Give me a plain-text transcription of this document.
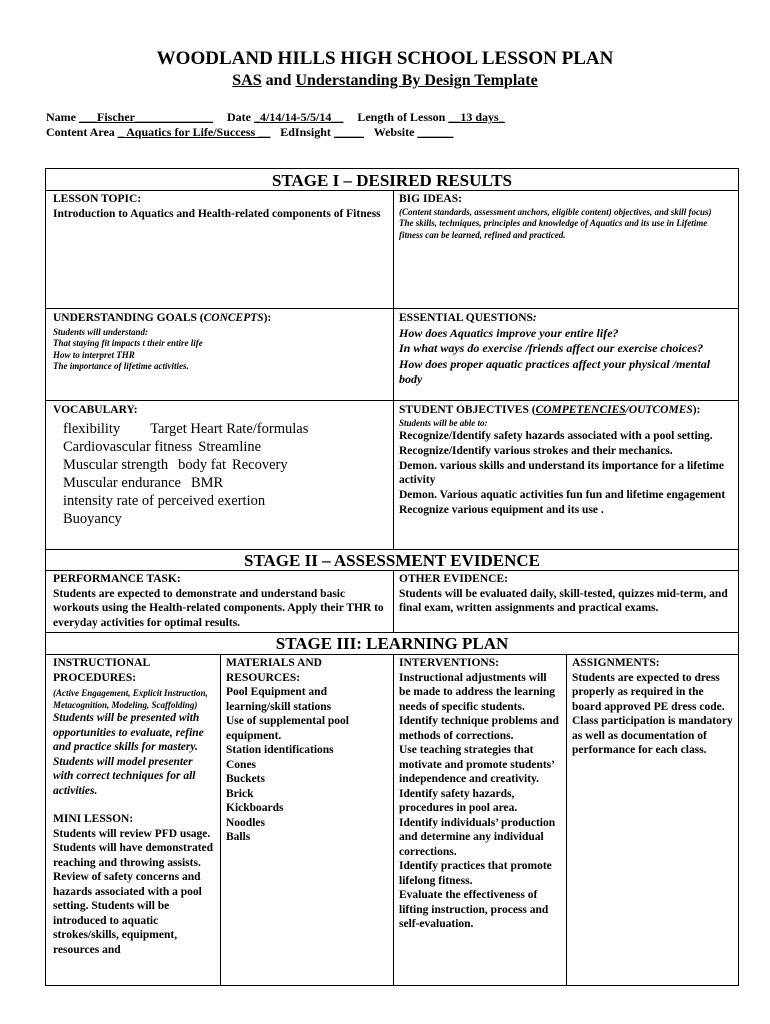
WOODLAND HILLS HIGH SCHOOL LESSON PLAN
SAS and Understanding By Design Template
Name ___Fischer_____________ Date _4/14/14-5/5/14__ Length of Lesson __13 days_
Content Area _ Aquatics for Life/Success __ EdInsight _____ Website ______
STAGE I – DESIRED RESULTS
LESSON TOPIC:
Introduction to Aquatics and Health-related components of Fitness
BIG IDEAS:
(Content standards, assessment anchors, eligible content) objectives, and skill focus)
The skills, techniques, principles and knowledge of Aquatics and its use in Lifetime fitness can be learned, refined and practiced.
UNDERSTANDING GOALS (CONCEPTS):
Students will understand:
That staying fit impacts t their entire life
How to interpret THR
The importance of lifetime activities.
ESSENTIAL QUESTIONS:
How does Aquatics improve your entire life?
In what ways do exercise /friends affect our exercise choices?
How does proper aquatic practices affect your physical /mental body
VOCABULARY:
flexibility Target Heart Rate/formulas
Cardiovascular fitness Streamline
Muscular strength body fat Recovery
Muscular endurance BMR
intensity rate of perceived exertion
Buoyancy
STUDENT OBJECTIVES (COMPETENCIES/OUTCOMES):
Students will be able to:
Recognize/Identify safety hazards associated with a pool setting.
Recognize/Identify various strokes and their mechanics.
Demon. various skills and understand its importance for a lifetime activity
Demon. Various aquatic activities fun fun and lifetime engagement
Recognize various equipment and its use .
STAGE II – ASSESSMENT EVIDENCE
PERFORMANCE TASK:
Students are expected to demonstrate and understand basic workouts using the Health-related components. Apply their THR to everyday activities for optimal results.
OTHER EVIDENCE:
Students will be evaluated daily, skill-tested, quizzes mid-term, and final exam, written assignments and practical exams.
STAGE III: LEARNING PLAN
INSTRUCTIONAL PROCEDURES:
(Active Engagement, Explicit Instruction, Metacognition, Modeling, Scaffolding)
Students will be presented with opportunities to evaluate, refine and practice skills for mastery.
Students will model presenter with correct techniques for all activities.
MINI LESSON:
Students will review PFD usage. Students will have demonstrated reaching and throwing assists. Review of safety concerns and hazards associated with a pool setting. Students will be introduced to aquatic strokes/skills, equipment, resources and
MATERIALS AND RESOURCES:
Pool Equipment and learning/skill stations
Use of supplemental pool equipment.
Station identifications
Cones
Buckets
Brick
Kickboards
Noodles
Balls
INTERVENTIONS:
Instructional adjustments will be made to address the learning needs of specific students.
Identify technique problems and methods of corrections.
Use teaching strategies that motivate and promote students’ independence and creativity.
Identify safety hazards, procedures in pool area.
Identify individuals’ production and determine any individual corrections.
Identify practices that promote lifelong fitness.
Evaluate the effectiveness of lifting instruction, process and self-evaluation.
ASSIGNMENTS:
Students are expected to dress properly as required in the board approved PE dress code. Class participation is mandatory as well as documentation of performance for each class.
